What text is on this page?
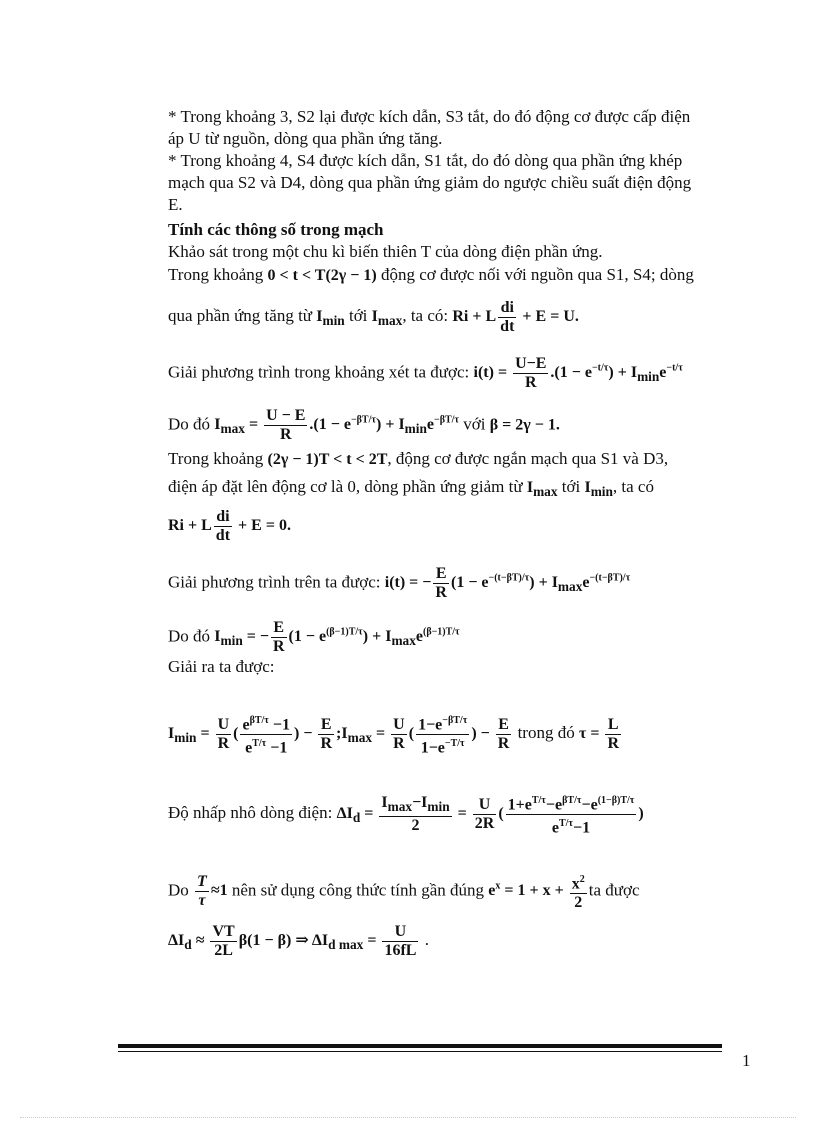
* Trong khoảng 3, S2 lại được kích dẫn, S3 tắt, do đó động cơ được cấp điện
áp U từ nguồn, dòng qua phần ứng tăng.
* Trong khoảng 4, S4 được kích dẫn, S1 tắt, do đó dòng qua phần ứng khép
mạch qua S2 và D4, dòng qua phần ứng giảm do ngược chiều suất điện động
E.
Tính các thông số trong mạch
Khảo sát trong một chu kì biến thiên T của dòng điện phần ứng.
Trong khoảng 0 < t < T(2γ − 1) động cơ được nối với nguồn qua S1, S4; dòng
qua phần ứng tăng từ $I_{min}$ tới $I_{max}$, ta có: Ri + L $\frac{di}{dt} + E = U$.
Giải phương trình trong khoảng xét ta được: $i(t) = \frac{U-E}{R} .(1 - e^{-t/\tau}) + I_{min}e^{-t/\tau}$
Do đó $I_{max} = \frac{U - E}{R} .(1 - e^{-\beta T/\tau}) + I_{min}e^{-\beta T/\tau}$ với β = 2γ − 1.
Trong khoảng (2γ − 1)T < t < 2T, động cơ được ngắn mạch qua S1 và D3,
điện áp đặt lên động cơ là 0, dòng phần ứng giảm từ $I_{max}$ tới $I_{min}$, ta có
Ri + L $\frac{di}{dt} + E = 0$.
Giải phương trình trên ta được: i(t) = − $\frac{E}{R} (1 - e^{-(t-\beta T)/\tau}) + I_{max}e^{-(t-\beta T)/\tau}$
Do đó $I_{min}$ = − $\frac{E}{R} (1 - e^{(\beta-1)T/\tau}) + I_{max}e^{(\beta-1)T/\tau}$
Giải ra ta được:
$I_{min} = \frac{U}{R}$ ( $\frac{e^{\beta T/\tau} -1}{e^{T/\tau} -1}$ ) − $\frac{E}{R}$ $;I_{max} = \frac{U}{R}$ ( $\frac{1-e^{-\beta T/\tau}}{1-e^{-T/\tau}}$ ) − $\frac{E}{R}$ trong đó $\tau = \frac{L}{R}$
Độ nhấp nhô dòng điện: $\Delta I_d = \frac{I_{max}-I_{min}}{2} = \frac{U}{2R}$ ( $\frac{1+e^{T/\tau}-e^{\beta T/\tau}-e^{(1-\beta)T/\tau}}{e^{T/\tau}-1}$ )
Do $\frac{T}{\tau} \approx 1$ nên sử dụng công thức tính gần đúng $e^x = 1 + x + \frac{x^2}{2}$ ta được
$\Delta I_d \approx \frac{VT}{2L} \beta(1 - \beta)$ ⇒ $\Delta I_{d max} = \frac{U}{16fL}$ .
1
